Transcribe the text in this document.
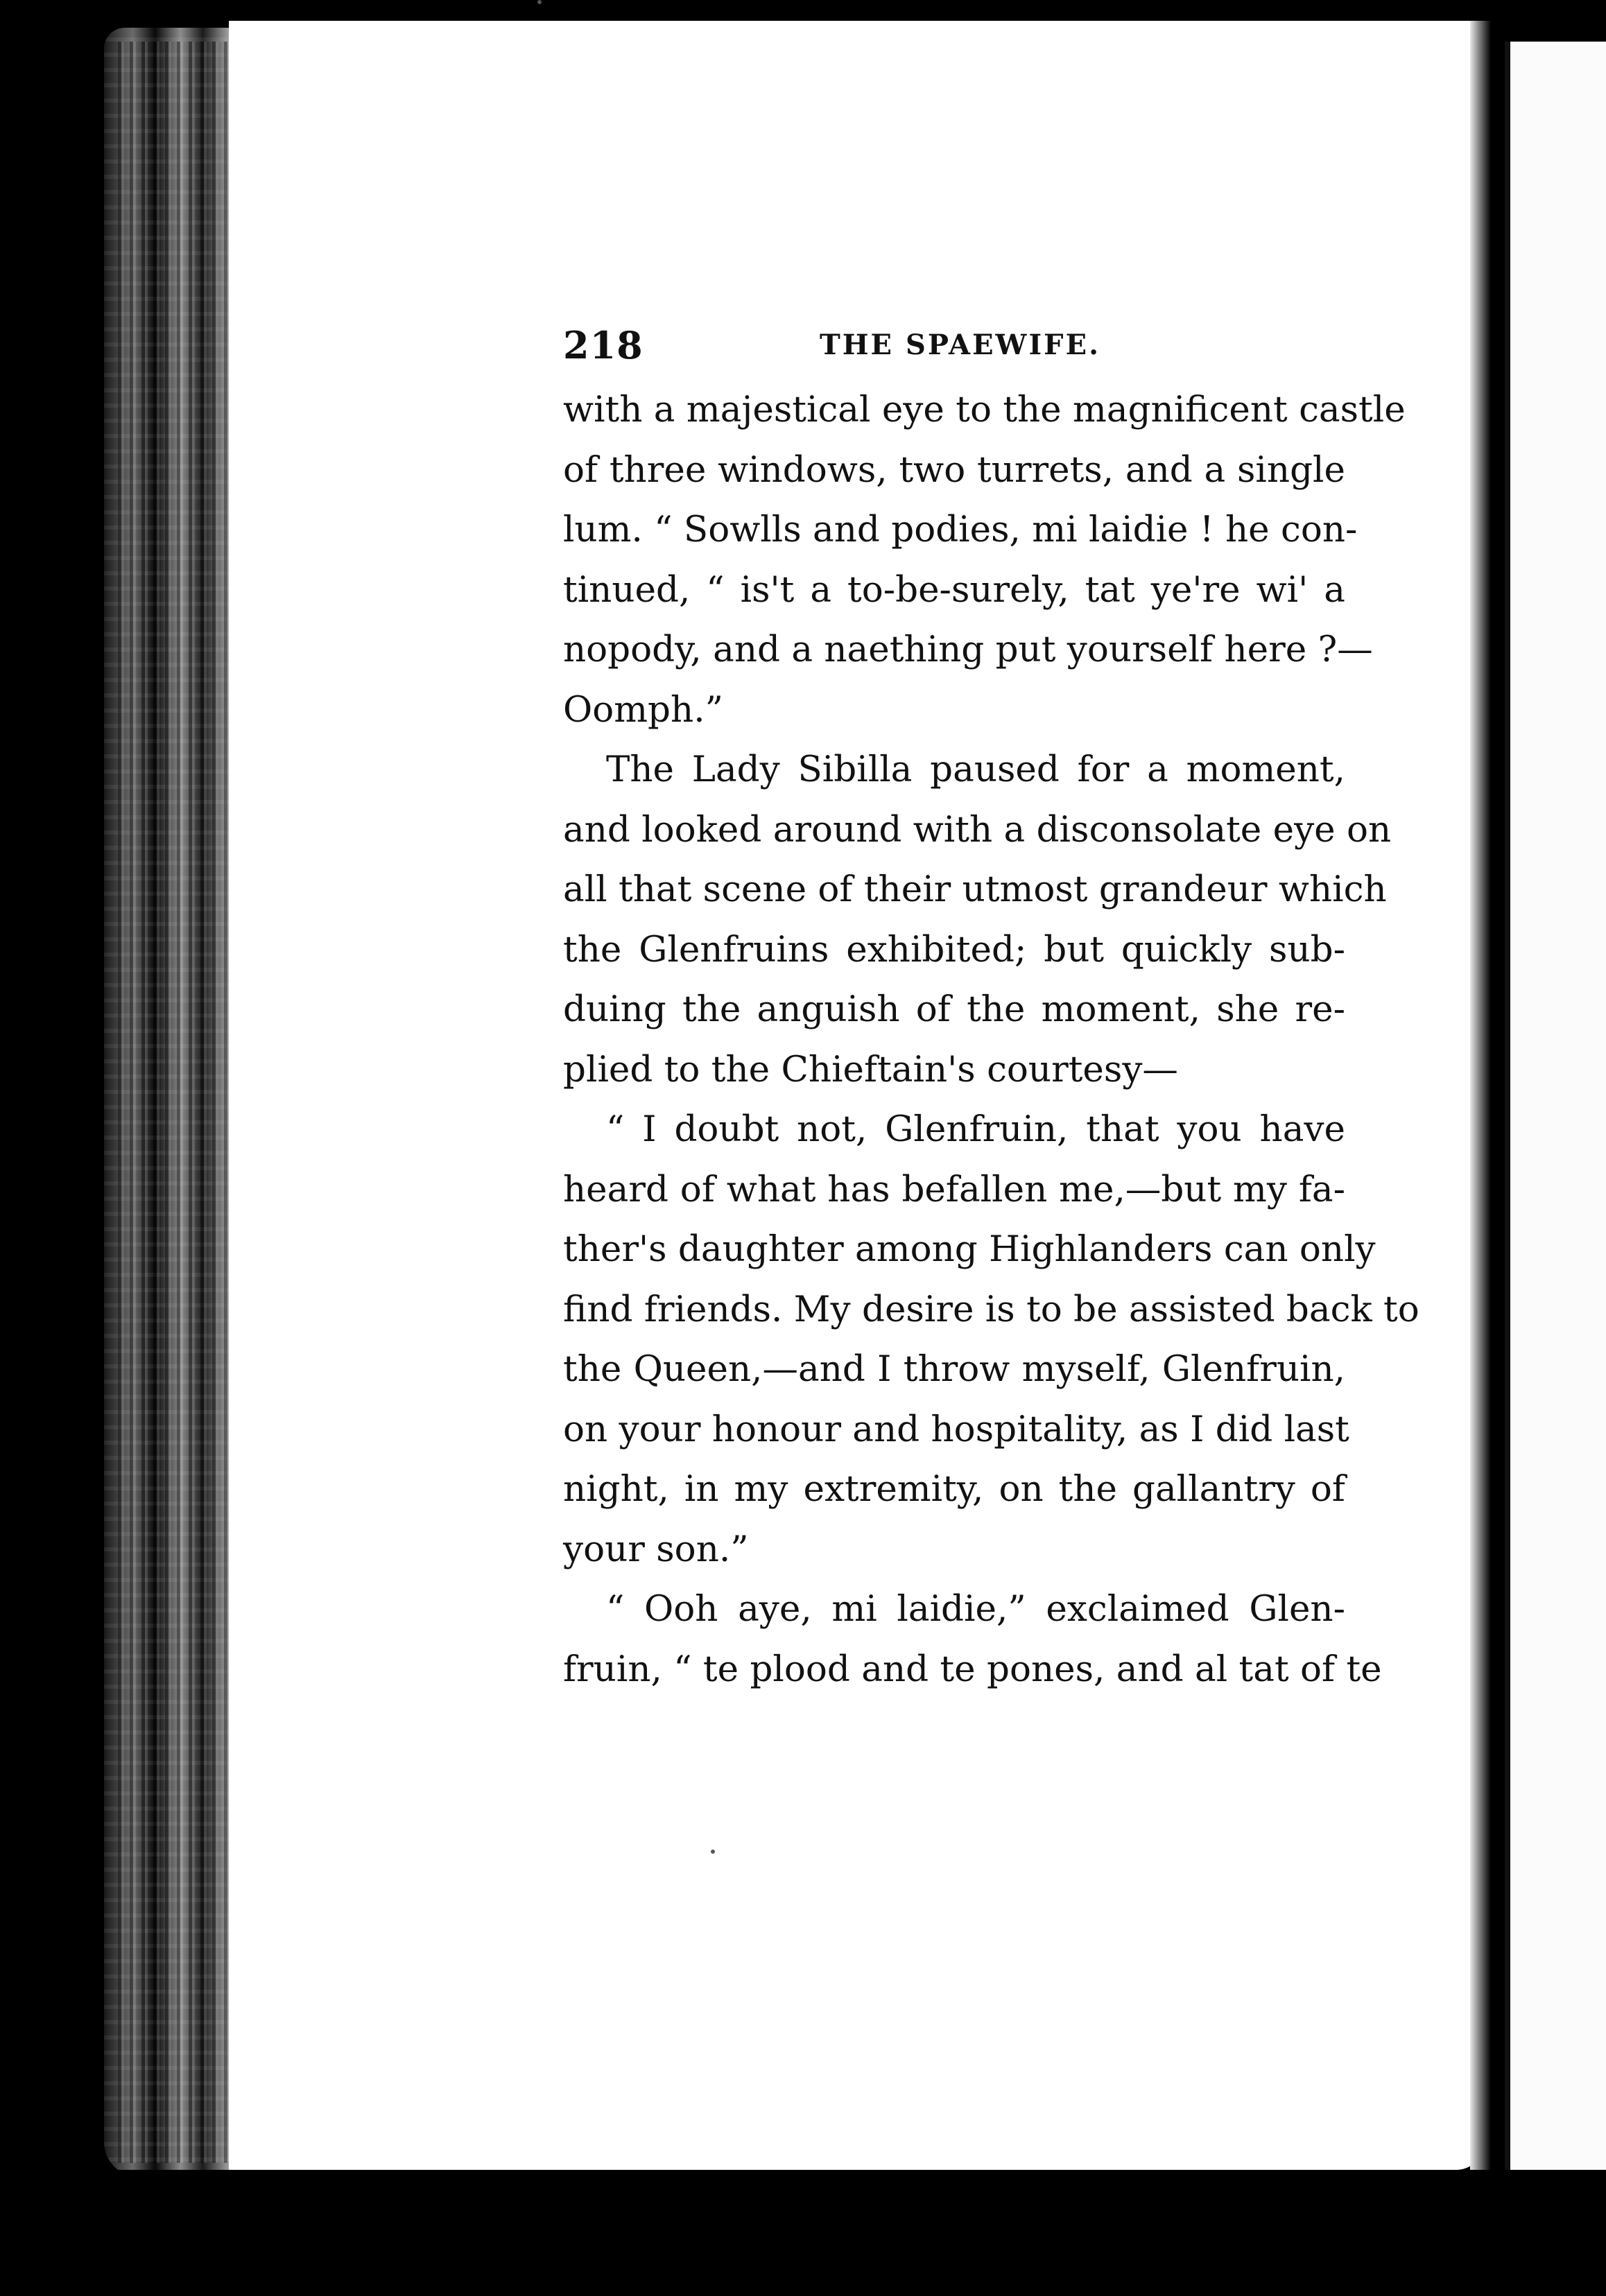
218	THE SPAEWIFE.
with a majestical eye to the magnificent castle
of three windows, two turrets, and a single
lum. “ Sowlls and podies, mi laidie ! he con-
tinued, “ is't a to-be-surely, tat ye're wi' a
nopody, and a naething put yourself here ?—
Oomph.”
The Lady Sibilla paused for a moment,
and looked around with a disconsolate eye on
all that scene of their utmost grandeur which
the Glenfruins exhibited; but quickly sub-
duing the anguish of the moment, she re-
plied to the Chieftain's courtesy—
“ I doubt not, Glenfruin, that you have
heard of what has befallen me,—but my fa-
ther's daughter among Highlanders can only
find friends. My desire is to be assisted back to
the Queen,—and I throw myself, Glenfruin,
on your honour and hospitality, as I did last
night, in my extremity, on the gallantry of
your son.”
“ Ooh aye, mi laidie,” exclaimed Glen-
fruin, “ te plood and te pones, and al tat of te
